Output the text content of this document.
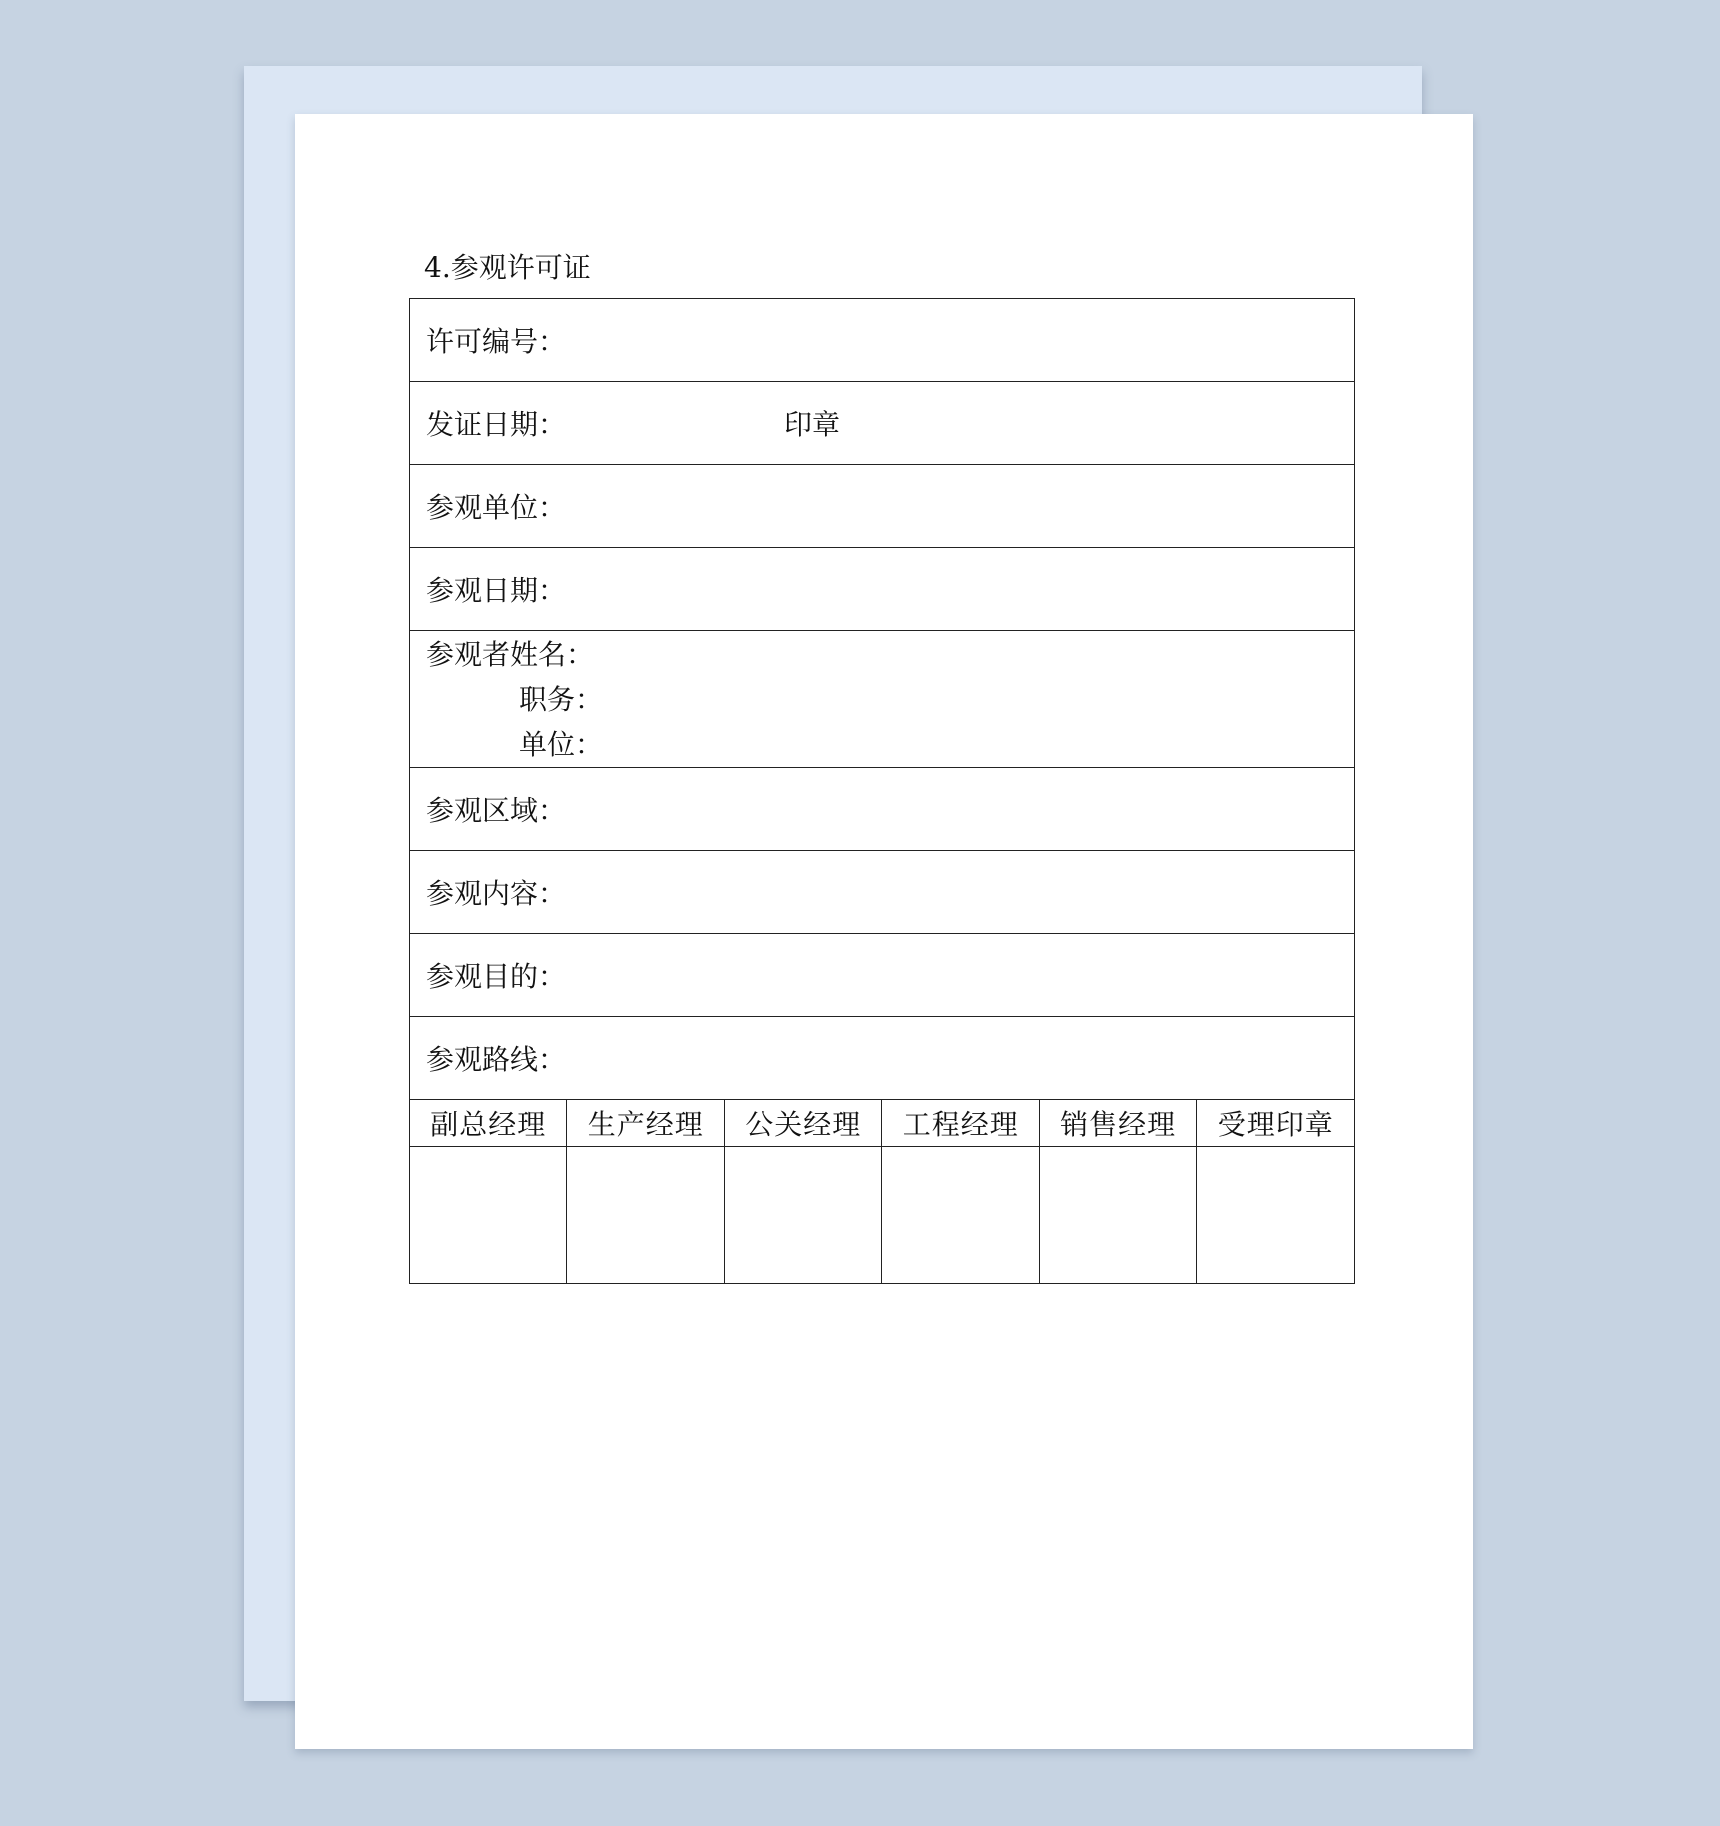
4.参观许可证
许可编号：					
发证日期： 印章					
参观单位：					
参观日期：					

参观者姓名：
职务：
单位：					

参观区域：					
参观内容：					
参观目的：					
参观路线：					
副总经理	生产经理	公关经理	工程经理	销售经理	受理印章
